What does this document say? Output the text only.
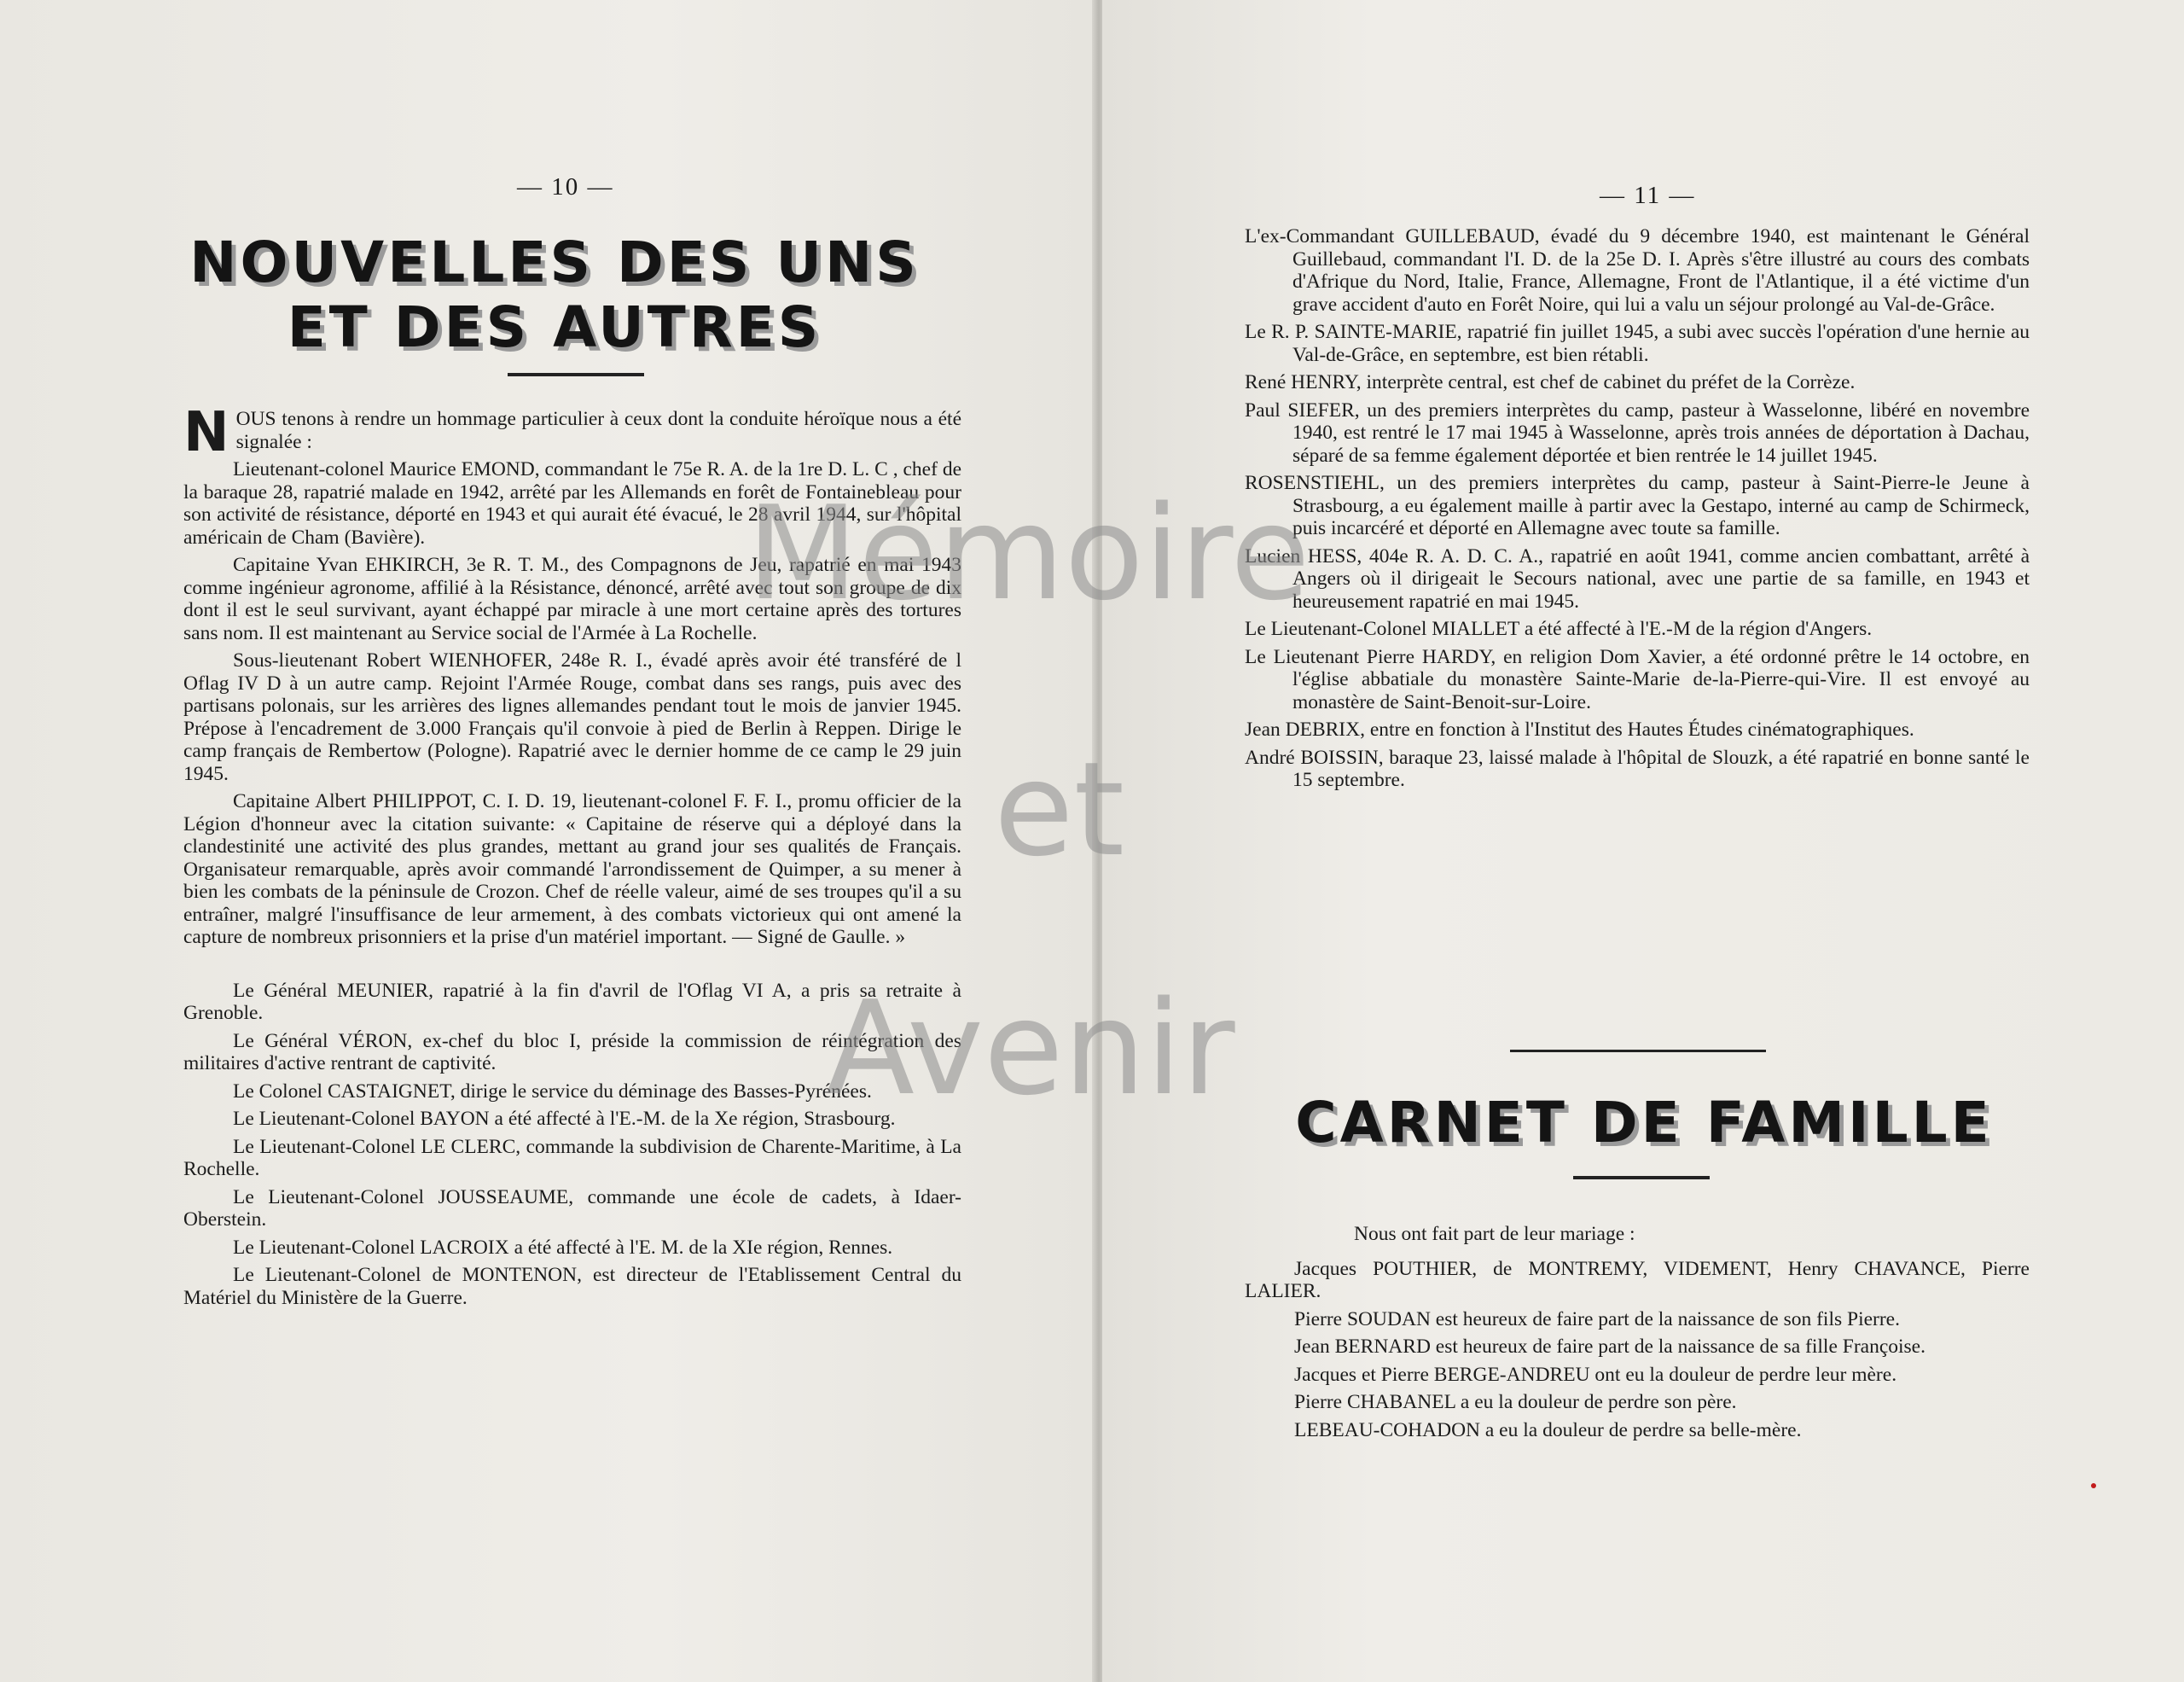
— 10 —
NOUVELLES DES UNS
ET DES AUTRES

NOUS tenons à rendre un hommage particulier à ceux dont la conduite héroïque nous a été signalée :

Lieutenant-colonel Maurice EMOND, commandant le 75e R. A. de la 1re D. L. C , chef de la baraque 28, rapatrié malade en 1942, arrêté par les Allemands en forêt de Fontainebleau pour son activité de résistance, déporté en 1943 et qui aurait été évacué, le 28 avril 1944, sur l'hôpital américain de Cham (Bavière).

Capitaine Yvan EHKIRCH, 3e R. T. M., des Compagnons de Jeu, rapatrié en mai 1943 comme ingénieur agronome, affilié à la Résistance, dénoncé, arrêté avec tout son groupe de dix dont il est le seul survivant, ayant échappé par miracle à une mort certaine après des tortures sans nom. Il est maintenant au Service social de l'Armée à La Rochelle.

Sous-lieutenant Robert WIENHOFER, 248e R. I., évadé après avoir été transféré de l Oflag IV D à un autre camp. Rejoint l'Armée Rouge, combat dans ses rangs, puis avec des partisans polonais, sur les arrières des lignes allemandes pendant tout le mois de janvier 1945. Prépose à l'encadrement de 3.000 Français qu'il convoie à pied de Berlin à Reppen. Dirige le camp français de Rembertow (Pologne). Rapatrié avec le dernier homme de ce camp le 29 juin 1945.

Capitaine Albert PHILIPPOT, C. I. D. 19, lieutenant-colonel F. F. I., promu officier de la Légion d'honneur avec la citation suivante: « Capitaine de réserve qui a déployé dans la clandestinité une activité des plus grandes, mettant au grand jour ses qualités de Français. Organisateur remarquable, après avoir commandé l'arrondissement de Quimper, a su mener à bien les combats de la péninsule de Crozon. Chef de réelle valeur, aimé de ses troupes qu'il a su entraîner, malgré l'insuffisance de leur armement, à des combats victorieux qui ont amené la capture de nombreux prisonniers et la prise d'un matériel important. — Signé de Gaulle. »

Le Général MEUNIER, rapatrié à la fin d'avril de l'Oflag VI A, a pris sa retraite à Grenoble.

Le Général VÉRON, ex-chef du bloc I, préside la commission de réintégration des militaires d'active rentrant de captivité.

Le Colonel CASTAIGNET, dirige le service du déminage des Basses-Pyrénées.

Le Lieutenant-Colonel BAYON a été affecté à l'E.-M. de la Xe région, Strasbourg.

Le Lieutenant-Colonel LE CLERC, commande la subdivision de Charente-Maritime, à La Rochelle.

Le Lieutenant-Colonel JOUSSEAUME, commande une école de cadets, à Idaer-Oberstein.

Le Lieutenant-Colonel LACROIX a été affecté à l'E. M. de la XIe région, Rennes.

Le Lieutenant-Colonel de MONTENON, est directeur de l'Etablissement Central du Matériel du Ministère de la Guerre.

— 11 —

L'ex-Commandant GUILLEBAUD, évadé du 9 décembre 1940, est maintenant le Général Guillebaud, commandant l'I. D. de la 25e D. I. Après s'être illustré au cours des combats d'Afrique du Nord, Italie, France, Allemagne, Front de l'Atlantique, il a été victime d'un grave accident d'auto en Forêt Noire, qui lui a valu un séjour prolongé au Val-de-Grâce.

Le R. P. SAINTE-MARIE, rapatrié fin juillet 1945, a subi avec succès l'opération d'une hernie au Val-de-Grâce, en septembre, est bien rétabli.

René HENRY, interprète central, est chef de cabinet du préfet de la Corrèze.

Paul SIEFER, un des premiers interprètes du camp, pasteur à Wasselonne, libéré en novembre 1940, est rentré le 17 mai 1945 à Wasselonne, après trois années de déportation à Dachau, séparé de sa femme également déportée et bien rentrée le 14 juillet 1945.

ROSENSTIEHL, un des premiers interprètes du camp, pasteur à Saint-Pierre-le Jeune à Strasbourg, a eu également maille à partir avec la Gestapo, interné au camp de Schirmeck, puis incarcéré et déporté en Allemagne avec toute sa famille.

Lucien HESS, 404e R. A. D. C. A., rapatrié en août 1941, comme ancien combattant, arrêté à Angers où il dirigeait le Secours national, avec une partie de sa famille, en 1943 et heureusement rapatrié en mai 1945.

Le Lieutenant-Colonel MIALLET a été affecté à l'E.-M de la région d'Angers.

Le Lieutenant Pierre HARDY, en religion Dom Xavier, a été ordonné prêtre le 14 octobre, en l'église abbatiale du monastère Sainte-Marie de-la-Pierre-qui-Vire. Il est envoyé au monastère de Saint-Benoit-sur-Loire.

Jean DEBRIX, entre en fonction à l'Institut des Hautes Études cinématographiques.

André BOISSIN, baraque 23, laissé malade à l'hôpital de Slouzk, a été rapatrié en bonne santé le 15 septembre.

CARNET DE FAMILLE

Nous ont fait part de leur mariage :

Jacques POUTHIER, de MONTREMY, VIDEMENT, Henry CHAVANCE, Pierre LALIER.

Pierre SOUDAN est heureux de faire part de la naissance de son fils Pierre.

Jean BERNARD est heureux de faire part de la naissance de sa fille Françoise.

Jacques et Pierre BERGE-ANDREU ont eu la douleur de perdre leur mère.

Pierre CHABANEL a eu la douleur de perdre son père.

LEBEAU-COHADON a eu la douleur de perdre sa belle-mère.

Mémoire
et
Avenir
